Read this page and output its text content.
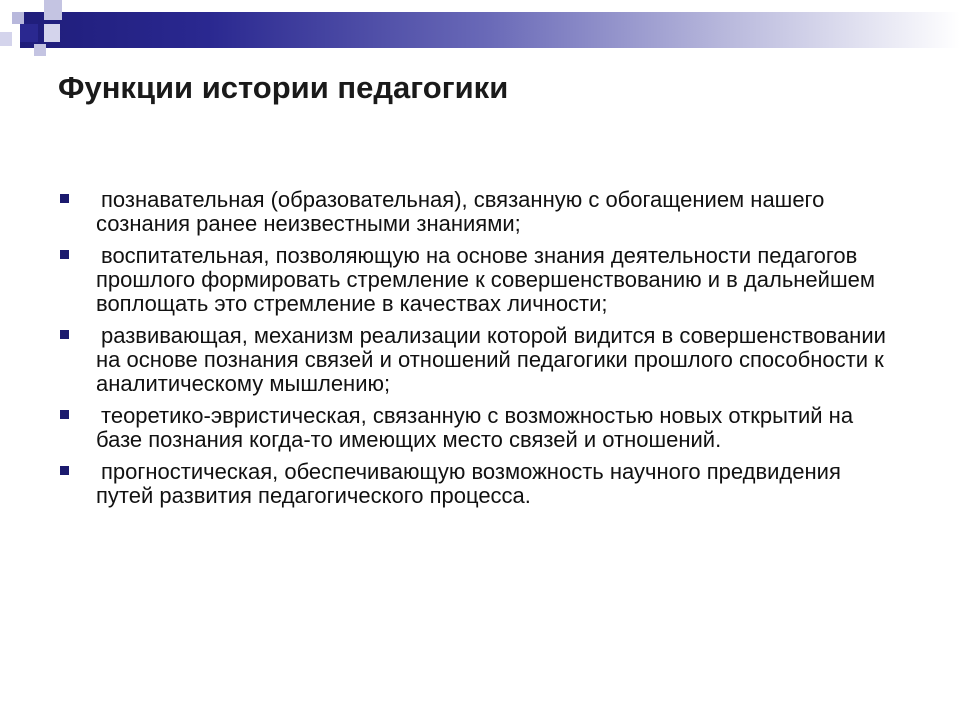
Функции истории педагогики
познавательная (образовательная), связанную с обогащением нашего сознания ранее неизвестными знаниями;
воспитательная, позволяющую на основе знания деятельности педагогов прошлого формировать стремление к совершенствованию и в дальнейшем воплощать это стремление в качествах личности;
развивающая, механизм реализации которой видится в совершенствовании на основе познания связей и отношений педагогики прошлого способности к аналитическому мышлению;
теоретико-эвристическая, связанную с возможностью новых открытий на базе познания когда-то имеющих место связей и отношений.
прогностическая, обеспечивающую возможность научного предвидения путей развития педагогического процесса.
